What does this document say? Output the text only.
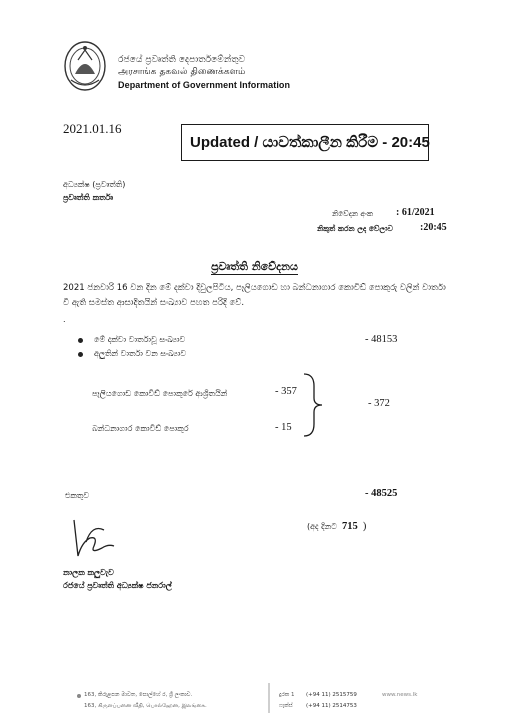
රජයේ ප්‍රවෘත්ති දෙපාර්තමේන්තුව
அரசாங்க தகவல் திணைக்களம்
Department of Government Information
2021.01.16
Updated / යාවත්කාලීන කිරීම - 20:45
අධ්‍යක්ෂ (ප්‍රවෘත්ති)
ප්‍රවෘත්ති කර්තෘ
නිවේදන අංක : 61/2021
නිකුත් කරන ලද වේලාව	:20:45
ප්‍රවෘත්ති නිවේදනය
2021 ජනවාරි 16 වන දින මේ දක්වා දිවුලපිටිය, පෑලියගොඩ හා බන්ධනාගාර කොවිඩ් පොකුරු වලින් වාර්තා වී ඇති සමස්ත ආසාදිතයින් සංඛ්‍යාව පහත පරිදි වේ.
.
මේ දක්වා වාර්තාවූ සංඛ්‍යාව	- 48153
අලුතින් වාර්තා වන සංඛ්‍යාව
පෑලියගොඩ කොවිඩ් පොකුරේ ආශ්‍රිතයින්	- 357
බන්ධනාගාර කොවිඩ් පොකුර	- 15
- 372
එකතුව	- 48525
(අද දිනට 715 )
නාලක කලුවැව
රජයේ ප්‍රවෘත්ති අධ්‍යක්ෂ ජනරාල්
163, කිරුළපන මාවත, පොල්හේ ර, ශ්‍රී ලංකාව.
163, கிருளப்பனை வீதி, பொல்ஹேன, இலங்கை.
දුරක 1 (+94 11) 2515759
ෆැක්ස් (+94 11) 2514753
www.news.lk
